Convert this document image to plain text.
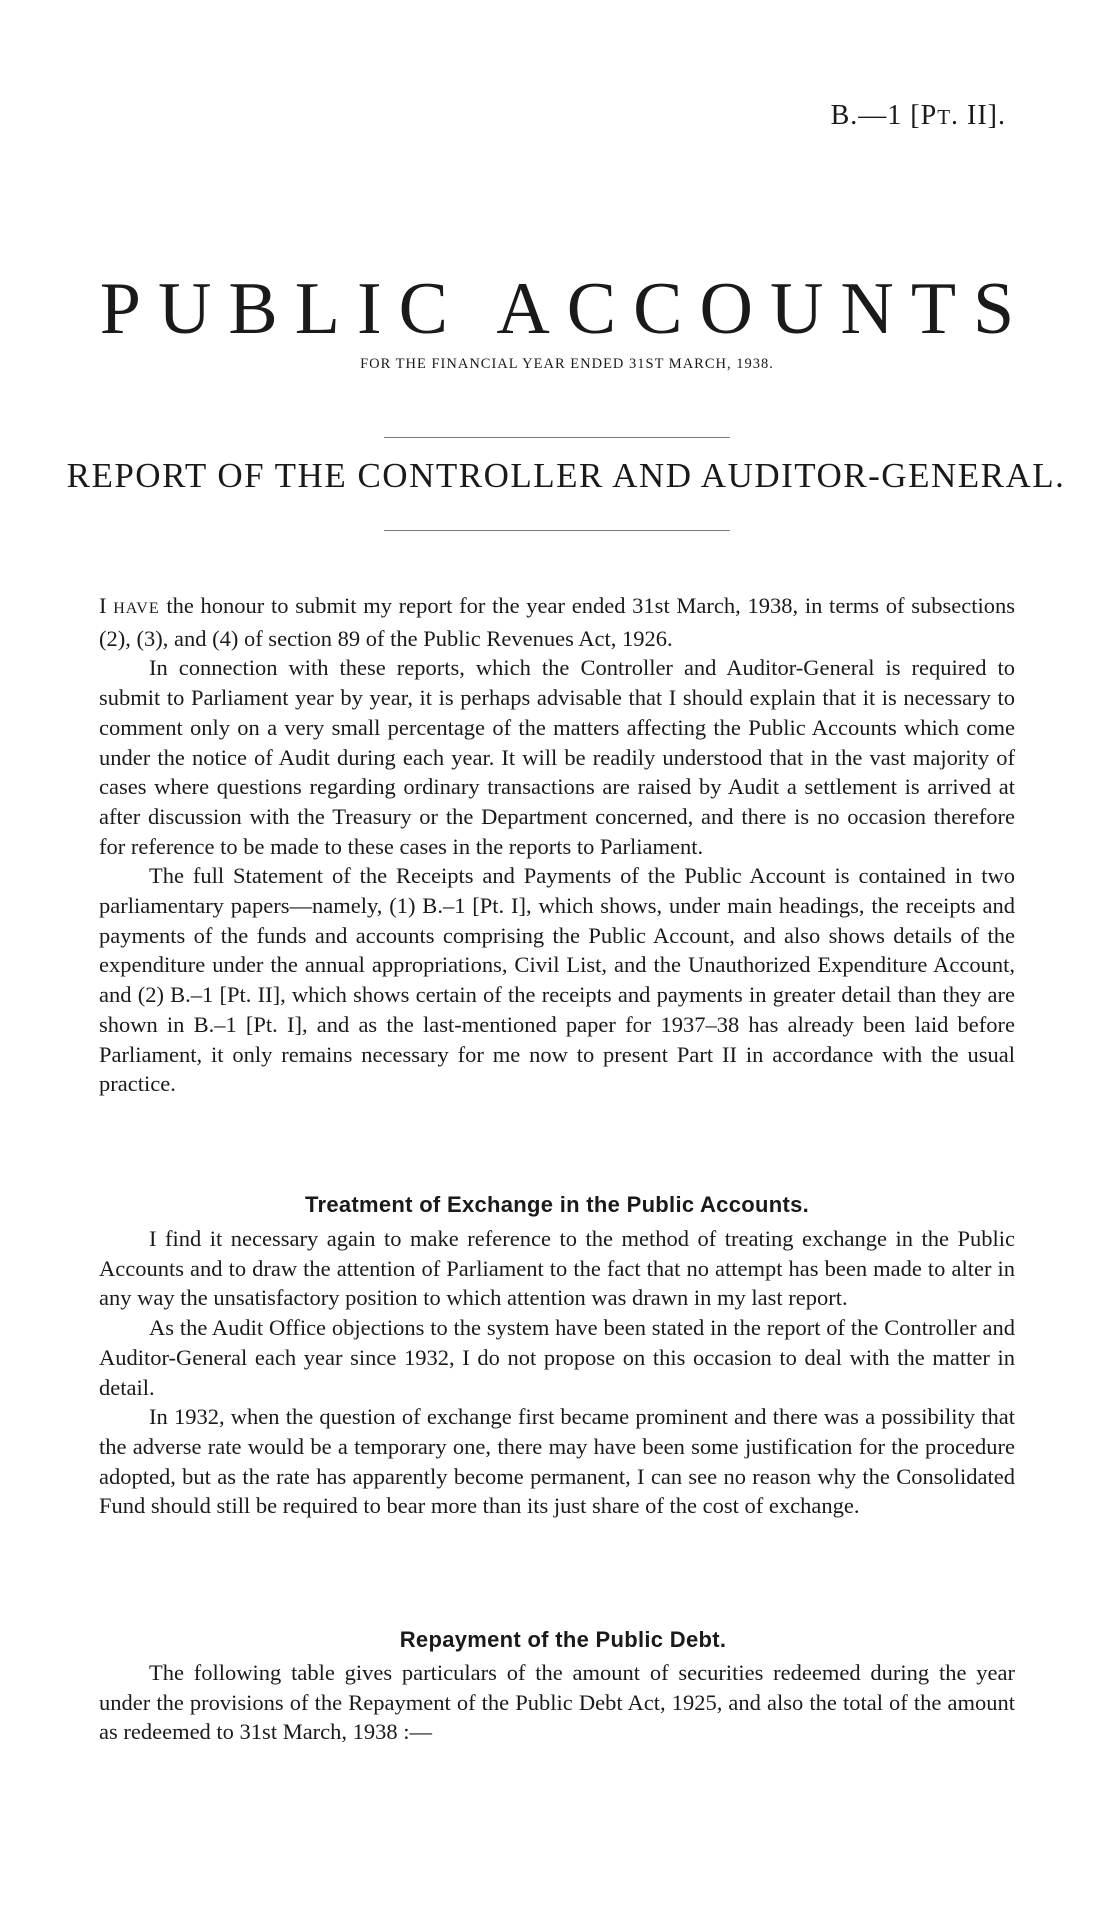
B.—1 [PT. II].
PUBLIC ACCOUNTS
FOR THE FINANCIAL YEAR ENDED 31ST MARCH, 1938.
REPORT OF THE CONTROLLER AND AUDITOR-GENERAL.

I HAVE the honour to submit my report for the year ended 31st March, 1938, in terms of subsections (2), (3), and (4) of section 89 of the Public Revenues Act, 1926.

In connection with these reports, which the Controller and Auditor-General is required to submit to Parliament year by year, it is perhaps advisable that I should explain that it is necessary to comment only on a very small percentage of the matters affecting the Public Accounts which come under the notice of Audit during each year. It will be readily understood that in the vast majority of cases where questions regarding ordinary transactions are raised by Audit a settlement is arrived at after discussion with the Treasury or the Department concerned, and there is no occasion therefore for reference to be made to these cases in the reports to Parliament.

The full Statement of the Receipts and Payments of the Public Account is contained in two parliamentary papers—namely, (1) B.–1 [Pt. I], which shows, under main headings, the receipts and payments of the funds and accounts comprising the Public Account, and also shows details of the expenditure under the annual appropriations, Civil List, and the Unauthorized Expenditure Account, and (2) B.–1 [Pt. II], which shows certain of the receipts and payments in greater detail than they are shown in B.–1 [Pt. I], and as the last-mentioned paper for 1937–38 has already been laid before Parliament, it only remains necessary for me now to present Part II in accordance with the usual practice.

Treatment of Exchange in the Public Accounts.

I find it necessary again to make reference to the method of treating exchange in the Public Accounts and to draw the attention of Parliament to the fact that no attempt has been made to alter in any way the unsatisfactory position to which attention was drawn in my last report.

As the Audit Office objections to the system have been stated in the report of the Controller and Auditor-General each year since 1932, I do not propose on this occasion to deal with the matter in detail.

In 1932, when the question of exchange first became prominent and there was a possibility that the adverse rate would be a temporary one, there may have been some justification for the procedure adopted, but as the rate has apparently become permanent, I can see no reason why the Consolidated Fund should still be required to bear more than its just share of the cost of exchange.

Repayment of the Public Debt.

The following table gives particulars of the amount of securities redeemed during the year under the provisions of the Repayment of the Public Debt Act, 1925, and also the total of the amount as redeemed to 31st March, 1938 :—
